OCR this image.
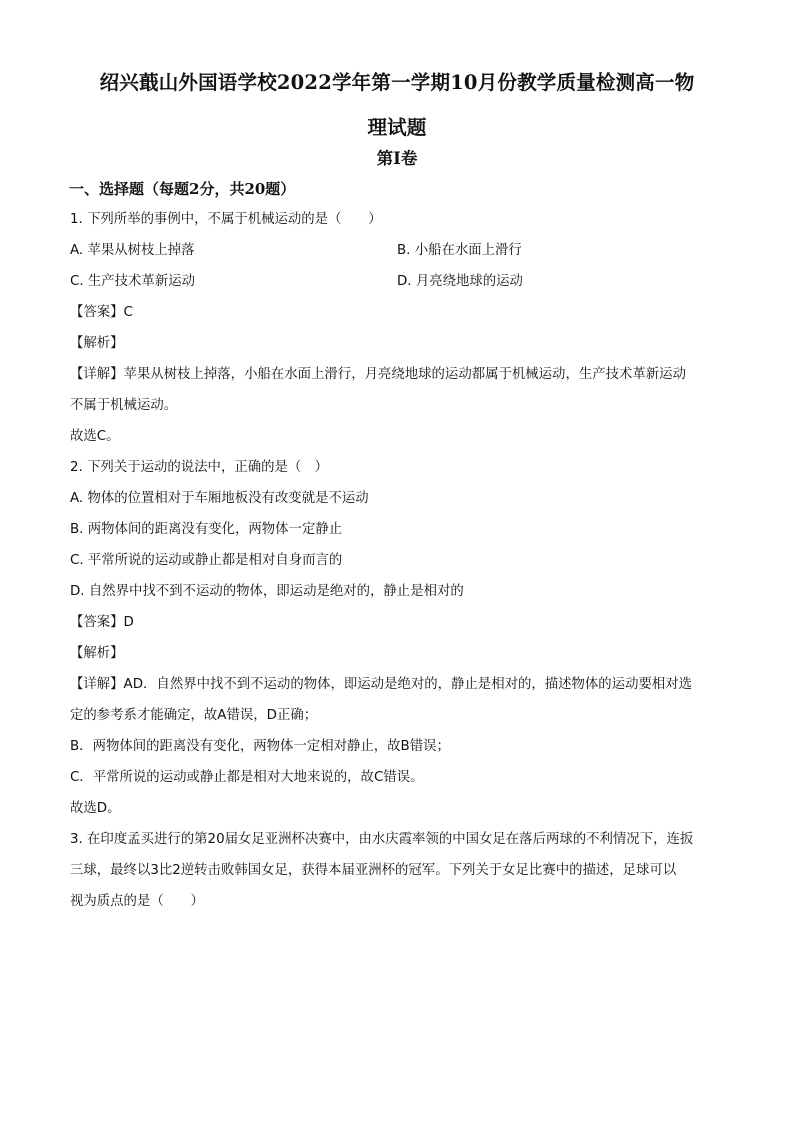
绍兴蕺山外国语学校2022学年第一学期10月份教学质量检测高一物
理试题
第Ⅰ卷
一、选择题（每题2分，共20题）
1. 下列所举的事例中，不属于机械运动的是（　　）
A. 苹果从树枝上掉落	B. 小船在水面上滑行
C. 生产技术革新运动	D. 月亮绕地球的运动
【答案】C
【解析】
【详解】苹果从树枝上掉落，小船在水面上滑行，月亮绕地球的运动都属于机械运动，生产技术革新运动
不属于机械运动。
故选C。
2. 下列关于运动的说法中，正确的是（　）
A. 物体的位置相对于车厢地板没有改变就是不运动
B. 两物体间的距离没有变化，两物体一定静止
C. 平常所说的运动或静止都是相对自身而言的
D. 自然界中找不到不运动的物体，即运动是绝对的，静止是相对的
【答案】D
【解析】
【详解】AD．自然界中找不到不运动的物体，即运动是绝对的，静止是相对的，描述物体的运动要相对选
定的参考系才能确定，故A错误，D正确；
B．两物体间的距离没有变化，两物体一定相对静止，故B错误；
C．平常所说的运动或静止都是相对大地来说的，故C错误。
故选D。
3. 在印度孟买进行的第20届女足亚洲杯决赛中，由水庆霞率领的中国女足在落后两球的不利情况下，连扳
三球，最终以3比2逆转击败韩国女足，获得本届亚洲杯的冠军。下列关于女足比赛中的描述，足球可以
视为质点的是（　　）
